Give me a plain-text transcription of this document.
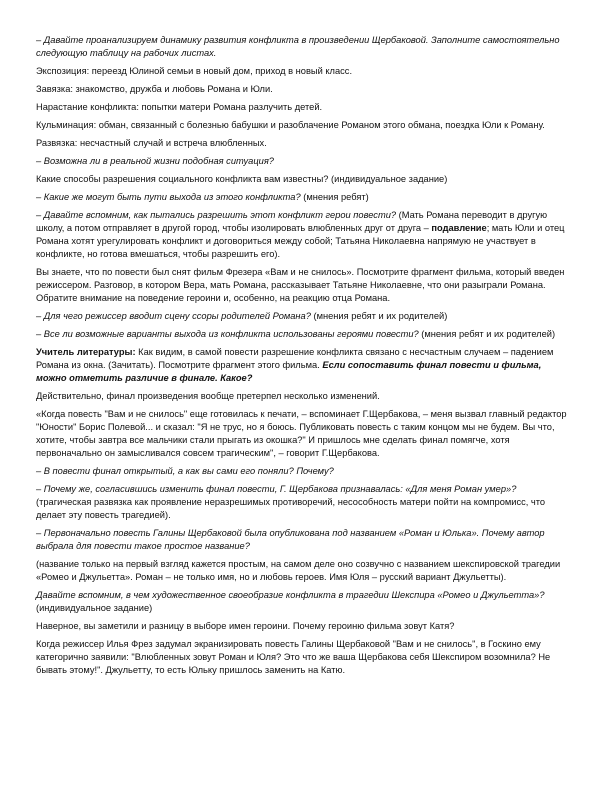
– Давайте проанализируем динамику развития конфликта в произведении Щербаковой. Заполните самостоятельно следующую таблицу на рабочих листах.

Экспозиция: переезд Юлиной семьи в новый дом, приход в новый класс.

Завязка: знакомство, дружба и любовь Романа и Юли.

Нарастание конфликта: попытки матери Романа разлучить детей.

Кульминация: обман, связанный с болезнью бабушки и разоблачение Романом этого обмана, поездка Юли к Роману.

Развязка: несчастный случай и встреча влюбленных.

– Возможна ли в реальной жизни подобная ситуация?

Какие способы разрешения социального конфликта вам известны? (индивидуальное задание)

– Какие же могут быть пути выхода из этого конфликта? (мнения ребят)

– Давайте вспомним, как пытались разрешить этот конфликт герои повести? (Мать Романа переводит в другую школу, а потом отправляет в другой город, чтобы изолировать влюбленных друг от друга – подавление; мать Юли и отец Романа хотят урегулировать конфликт и договориться между собой; Татьяна Николаевна напрямую не участвует в конфликте, но готова вмешаться, чтобы разрешить его).

Вы знаете, что по повести был снят фильм Фрезера «Вам и не снилось». Посмотрите фрагмент фильма, который введен режиссером. Разговор, в котором Вера, мать Романа, рассказывает Татьяне Николаевне, что они разыграли Романа. Обратите внимание на поведение героини и, особенно, на реакцию отца Романа.

– Для чего режиссер вводит сцену ссоры родителей Романа? (мнения ребят и их родителей)

– Все ли возможные варианты выхода из конфликта использованы героями повести? (мнения ребят и их родителей)

Учитель литературы: Как видим, в самой повести разрешение конфликта связано с несчастным случаем – падением Романа из окна. (Зачитать). Посмотрите фрагмент этого фильма. Если сопоставить финал повести и фильма, можно отметить различие в финале. Какое?

Действительно, финал произведения вообще претерпел несколько изменений.

«Когда повесть "Вам и не снилось" еще готовилась к печати, – вспоминает Г.Щербакова, – меня вызвал главный редактор "Юности" Борис Полевой... и сказал: "Я не трус, но я боюсь. Публиковать повесть с таким концом мы не будем. Вы что, хотите, чтобы завтра все мальчики стали прыгать из окошка?" И пришлось мне сделать финал помягче, хотя первоначально он замысливался совсем трагическим", – говорит Г.Щербакова.

– В повести финал открытый, а как вы сами его поняли? Почему?

– Почему же, согласившись изменить финал повести, Г. Щербакова признавалась: «Для меня Роман умер»? (трагическая развязка как проявление неразрешимых противоречий, несособность матери пойти на компромисс, что делает эту повесть трагедией).

– Первоначально повесть Галины Щербаковой была опубликована под названием «Роман и Юлька». Почему автор выбрала для повести такое простое название?

(название только на первый взгляд кажется простым, на самом деле оно созвучно с названием шекспировской трагедии «Ромео и Джульетта». Роман – не только имя, но и любовь героев. Имя Юля – русский вариант Джульетты).

Давайте вспомним, в чем художественное своеобразие конфликта в трагедии Шекспира «Ромео и Джульетта»? (индивидуальное задание)

Наверное, вы заметили и разницу в выборе имен героини. Почему героиню фильма зовут Катя?

Когда режиссер Илья Фрез задумал экранизировать повесть Галины Щербаковой "Вам и не снилось", в Госкино ему категорично заявили: "Влюбленных зовут Роман и Юля? Это что же ваша Щербакова себя Шекспиром возомнила? Не бывать этому!". Джульетту, то есть Юльку пришлось заменить на Катю.
